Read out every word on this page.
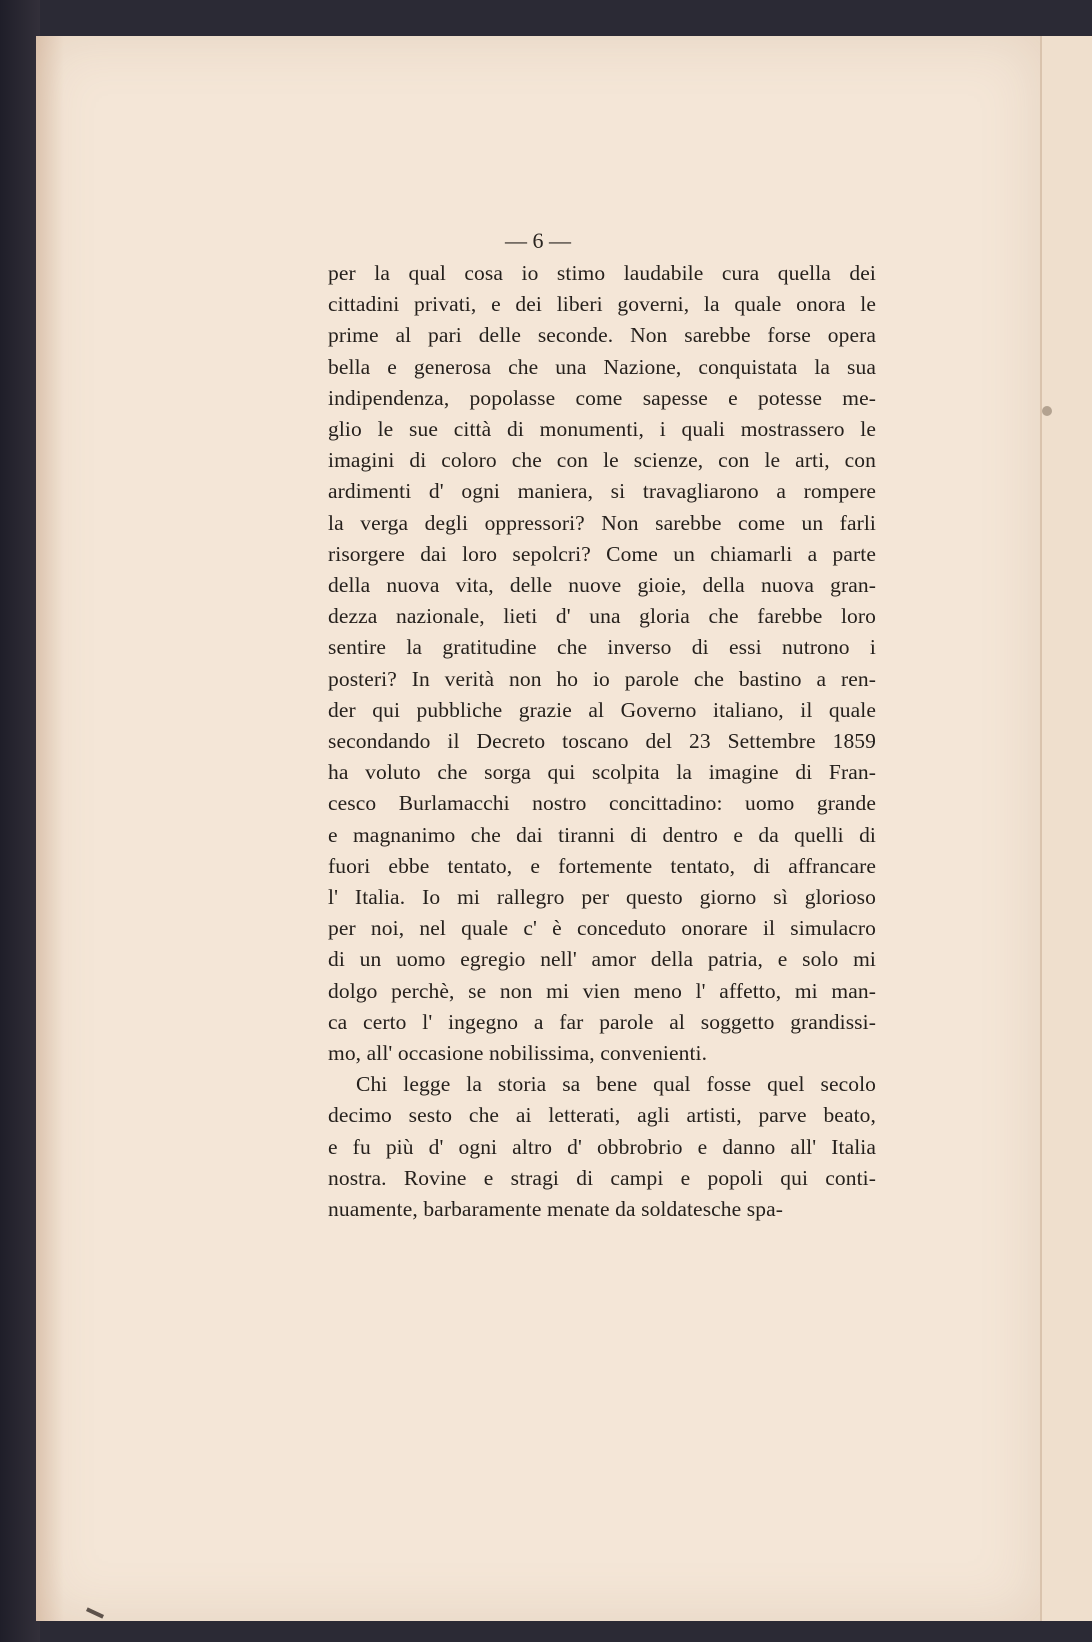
— 6 —
per la qual cosa io stimo laudabile cura quella dei
cittadini privati, e dei liberi governi, la quale onora le
prime al pari delle seconde. Non sarebbe forse opera
bella e generosa che una Nazione, conquistata la sua
indipendenza, popolasse come sapesse e potesse me-
glio le sue città di monumenti, i quali mostrassero le
imagini di coloro che con le scienze, con le arti, con
ardimenti d' ogni maniera, si travagliarono a rompere
la verga degli oppressori? Non sarebbe come un farli
risorgere dai loro sepolcri? Come un chiamarli a parte
della nuova vita, delle nuove gioie, della nuova gran-
dezza nazionale, lieti d' una gloria che farebbe loro
sentire la gratitudine che inverso di essi nutrono i
posteri? In verità non ho io parole che bastino a ren-
der qui pubbliche grazie al Governo italiano, il quale
secondando il Decreto toscano del 23 Settembre 1859
ha voluto che sorga qui scolpita la imagine di Fran-
cesco Burlamacchi nostro concittadino: uomo grande
e magnanimo che dai tiranni di dentro e da quelli di
fuori ebbe tentato, e fortemente tentato, di affrancare
l' Italia. Io mi rallegro per questo giorno sì glorioso
per noi, nel quale c' è conceduto onorare il simulacro
di un uomo egregio nell' amor della patria, e solo mi
dolgo perchè, se non mi vien meno l' affetto, mi man-
ca certo l' ingegno a far parole al soggetto grandissi-
mo, all' occasione nobilissima, convenienti.
Chi legge la storia sa bene qual fosse quel secolo
decimo sesto che ai letterati, agli artisti, parve beato,
e fu più d' ogni altro d' obbrobrio e danno all' Italia
nostra. Rovine e stragi di campi e popoli qui conti-
nuamente, barbaramente menate da soldatesche spa-
